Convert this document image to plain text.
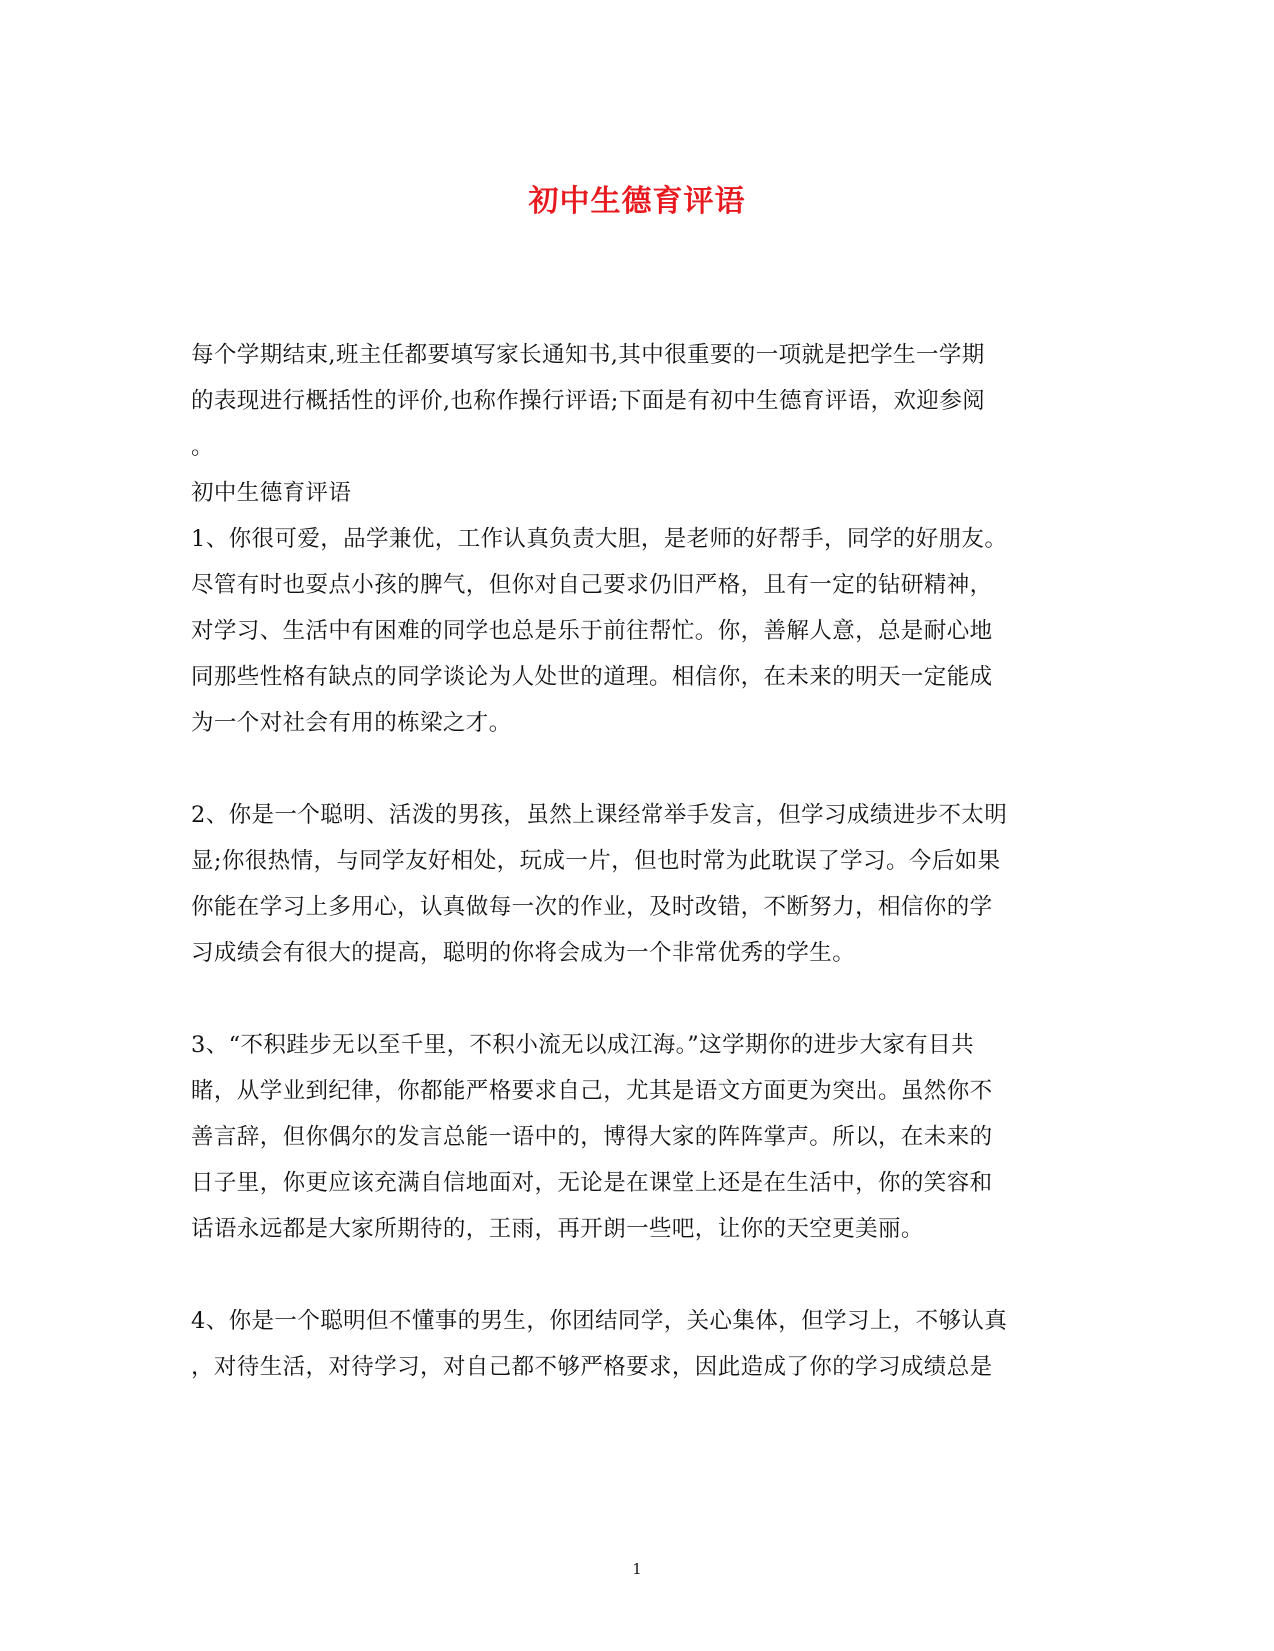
初中生德育评语
每个学期结束,班主任都要填写家长通知书,其中很重要的一项就是把学生一学期
的表现进行概括性的评价,也称作操行评语;下面是有初中生德育评语，欢迎参阅
。
初中生德育评语
1、你很可爱，品学兼优，工作认真负责大胆，是老师的好帮手，同学的好朋友。
尽管有时也耍点小孩的脾气，但你对自己要求仍旧严格，且有一定的钻研精神，
对学习、生活中有困难的同学也总是乐于前往帮忙。你，善解人意，总是耐心地
同那些性格有缺点的同学谈论为人处世的道理。相信你，在未来的明天一定能成
为一个对社会有用的栋梁之才。
2、你是一个聪明、活泼的男孩，虽然上课经常举手发言，但学习成绩进步不太明
显;你很热情，与同学友好相处，玩成一片，但也时常为此耽误了学习。今后如果
你能在学习上多用心，认真做每一次的作业，及时改错，不断努力，相信你的学
习成绩会有很大的提高，聪明的你将会成为一个非常优秀的学生。
3、“不积跬步无以至千里，不积小流无以成江海。”这学期你的进步大家有目共
睹，从学业到纪律，你都能严格要求自己，尤其是语文方面更为突出。虽然你不
善言辞，但你偶尔的发言总能一语中的，博得大家的阵阵掌声。所以，在未来的
日子里，你更应该充满自信地面对，无论是在课堂上还是在生活中，你的笑容和
话语永远都是大家所期待的，王雨，再开朗一些吧，让你的天空更美丽。
4、你是一个聪明但不懂事的男生，你团结同学，关心集体，但学习上，不够认真
，对待生活，对待学习，对自己都不够严格要求，因此造成了你的学习成绩总是
1
